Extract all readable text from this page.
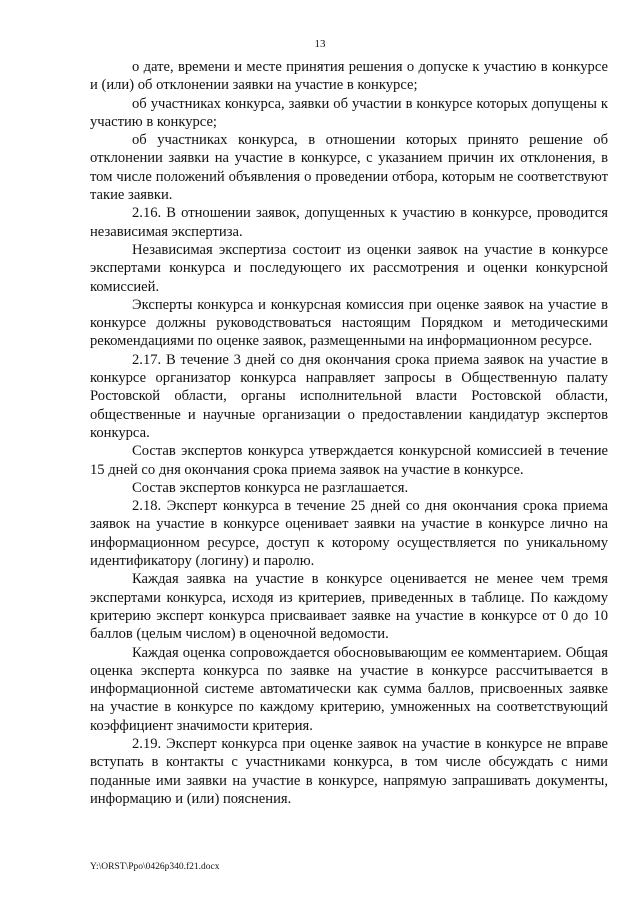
13

о дате, времени и месте принятия решения о допуске к участию в конкурсе и (или) об отклонении заявки на участие в конкурсе;

об участниках конкурса, заявки об участии в конкурсе которых допущены к участию в конкурсе;

об участниках конкурса, в отношении которых принято решение об отклонении заявки на участие в конкурсе, с указанием причин их отклонения, в том числе положений объявления о проведении отбора, которым не соответствуют такие заявки.

2.16. В отношении заявок, допущенных к участию в конкурсе, проводится независимая экспертиза.

Независимая экспертиза состоит из оценки заявок на участие в конкурсе экспертами конкурса и последующего их рассмотрения и оценки конкурсной комиссией.

Эксперты конкурса и конкурсная комиссия при оценке заявок на участие в конкурсе должны руководствоваться настоящим Порядком и методическими рекомендациями по оценке заявок, размещенными на информационном ресурсе.

2.17. В течение 3 дней со дня окончания срока приема заявок на участие в конкурсе организатор конкурса направляет запросы в Общественную палату Ростовской области, органы исполнительной власти Ростовской области, общественные и научные организации о предоставлении кандидатур экспертов конкурса.

Состав экспертов конкурса утверждается конкурсной комиссией в течение 15 дней со дня окончания срока приема заявок на участие в конкурсе.

Состав экспертов конкурса не разглашается.

2.18. Эксперт конкурса в течение 25 дней со дня окончания срока приема заявок на участие в конкурсе оценивает заявки на участие в конкурсе лично на информационном ресурсе, доступ к которому осуществляется по уникальному идентификатору (логину) и паролю.

Каждая заявка на участие в конкурсе оценивается не менее чем тремя экспертами конкурса, исходя из критериев, приведенных в таблице. По каждому критерию эксперт конкурса присваивает заявке на участие в конкурсе от 0 до 10 баллов (целым числом) в оценочной ведомости.

Каждая оценка сопровождается обосновывающим ее комментарием. Общая оценка эксперта конкурса по заявке на участие в конкурсе рассчитывается в информационной системе автоматически как сумма баллов, присвоенных заявке на участие в конкурсе по каждому критерию, умноженных на соответствующий коэффициент значимости критерия.

2.19. Эксперт конкурса при оценке заявок на участие в конкурсе не вправе вступать в контакты с участниками конкурса, в том числе обсуждать с ними поданные ими заявки на участие в конкурсе, напрямую запрашивать документы, информацию и (или) пояснения.

Y:\ORST\Ppo\0426p340.f21.docx
